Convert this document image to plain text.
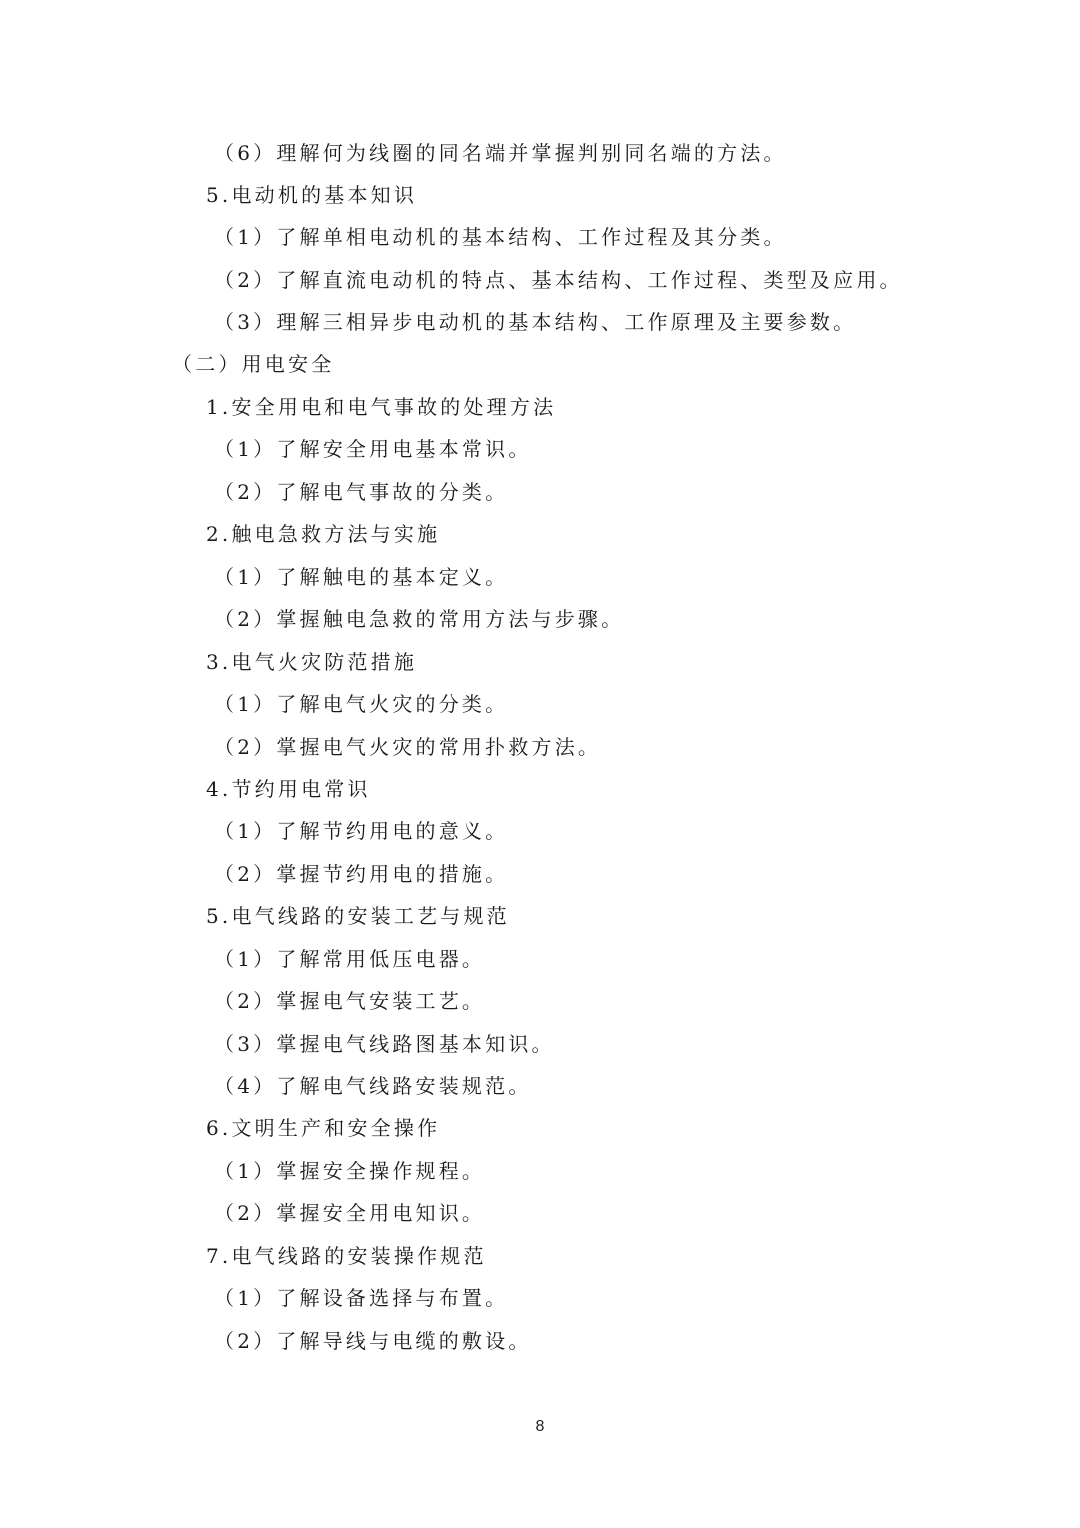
（6）理解何为线圈的同名端并掌握判别同名端的方法。
5.电动机的基本知识
（1）了解单相电动机的基本结构、工作过程及其分类。
（2）了解直流电动机的特点、基本结构、工作过程、类型及应用。
（3）理解三相异步电动机的基本结构、工作原理及主要参数。
（二）用电安全
1.安全用电和电气事故的处理方法
（1）了解安全用电基本常识。
（2）了解电气事故的分类。
2.触电急救方法与实施
（1）了解触电的基本定义。
（2）掌握触电急救的常用方法与步骤。
3.电气火灾防范措施
（1）了解电气火灾的分类。
（2）掌握电气火灾的常用扑救方法。
4.节约用电常识
（1）了解节约用电的意义。
（2）掌握节约用电的措施。
5.电气线路的安装工艺与规范
（1）了解常用低压电器。
（2）掌握电气安装工艺。
（3）掌握电气线路图基本知识。
（4）了解电气线路安装规范。
6.文明生产和安全操作
（1）掌握安全操作规程。
（2）掌握安全用电知识。
7.电气线路的安装操作规范
（1）了解设备选择与布置。
（2）了解导线与电缆的敷设。
8
